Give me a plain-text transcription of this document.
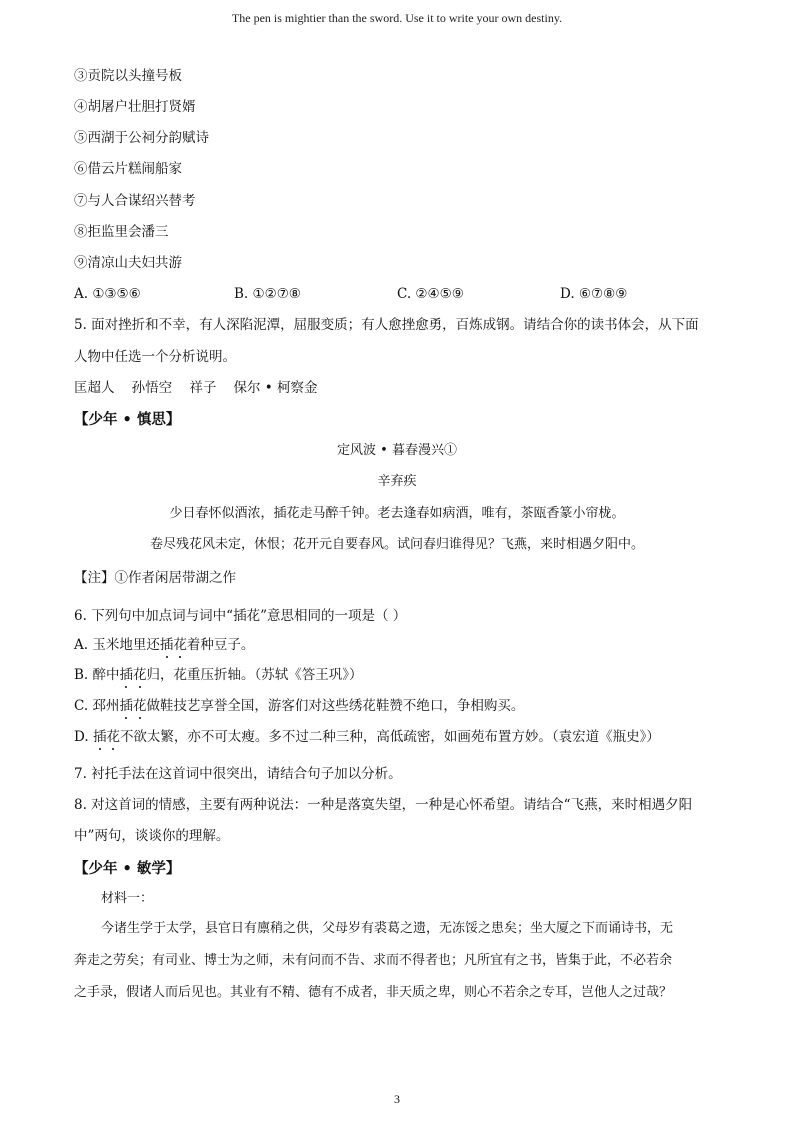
The pen is mightier than the sword. Use it to write your own destiny.
③贡院以头撞号板
④胡屠户壮胆打贤婿
⑤西湖于公祠分韵赋诗
⑥借云片糕闹船家
⑦与人合谋绍兴替考
⑧拒监里会潘三
⑨清凉山夫妇共游
A. ①③⑤⑥	B. ①②⑦⑧	C. ②④⑤⑨	D. ⑥⑦⑧⑨
5. 面对挫折和不幸，有人深陷泥潭，屈服变质；有人愈挫愈勇，百炼成钢。请结合你的读书体会，从下面
人物中任选一个分析说明。
匡超人    孙悟空    祥子    保尔 • 柯察金
【少年 • 慎思】
定风波 • 暮春漫兴①
辛弃疾
少日春怀似酒浓，插花走马醉千钟。老去逢春如病酒，唯有，茶瓯香篆小帘栊。
卷尽残花风未定，休恨；花开元自要春风。试问春归谁得见？飞燕，来时相遇夕阳中。
【注】①作者闲居带湖之作
6. 下列句中加点词与词中“插花”意思相同的一项是（ ）
A. 玉米地里还插花着种豆子。
B. 醉中插花归，花重压折轴。（苏轼《答王巩》）
C. 邳州插花做鞋技艺享誉全国，游客们对这些绣花鞋赞不绝口，争相购买。
D. 插花不欲太繁，亦不可太瘦。多不过二种三种，高低疏密，如画苑布置方妙。（袁宏道《瓶史》）
7. 衬托手法在这首词中很突出，请结合句子加以分析。
8. 对这首词的情感，主要有两种说法：一种是落寞失望，一种是心怀希望。请结合“飞燕，来时相遇夕阳
中”两句，谈谈你的理解。
【少年 • 敏学】
材料一：
今诸生学于太学，县官日有廪稍之供，父母岁有裘葛之遗，无冻馁之患矣；坐大厦之下而诵诗书，无
奔走之劳矣；有司业、博士为之师，未有问而不告、求而不得者也；凡所宜有之书，皆集于此，不必若余
之手录，假诸人而后见也。其业有不精、德有不成者，非天质之卑，则心不若余之专耳，岂他人之过哉？
3
